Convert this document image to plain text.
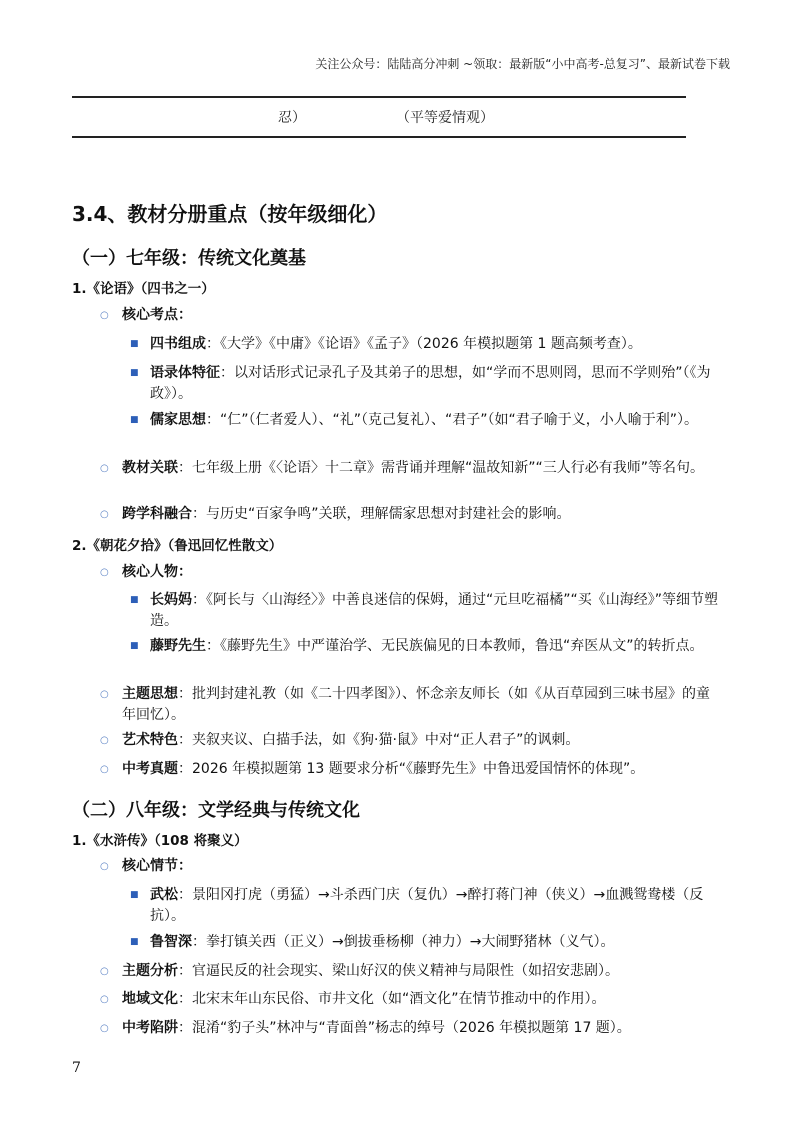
关注公众号：陆陆高分冲刺 ~领取：最新版“小中高考-总复习”、最新试卷下载
忍）	（平等爱情观）
3.4、教材分册重点（按年级细化）
（一）七年级：传统文化奠基
1.《论语》（四书之一）
○ 核心考点：
■ 四书组成：《大学》《中庸》《论语》《孟子》（2026 年模拟题第 1 题高频考查）。
■ 语录体特征：以对话形式记录孔子及其弟子的思想，如“学而不思则罔，思而不学则殆”（《为政》）。
■ 儒家思想：“仁”（仁者爱人）、“礼”（克己复礼）、“君子”（如“君子喻于义，小人喻于利”）。
○ 教材关联：七年级上册《〈论语〉十二章》需背诵并理解“温故知新”“三人行必有我师”等名句。
○ 跨学科融合：与历史“百家争鸣”关联，理解儒家思想对封建社会的影响。
2.《朝花夕拾》（鲁迅回忆性散文）
○ 核心人物：
■ 长妈妈：《阿长与〈山海经〉》中善良迷信的保姆，通过“元旦吃福橘”“买《山海经》”等细节塑造。
■ 藤野先生：《藤野先生》中严谨治学、无民族偏见的日本教师，鲁迅“弃医从文”的转折点。
○ 主题思想：批判封建礼教（如《二十四孝图》）、怀念亲友师长（如《从百草园到三味书屋》的童年回忆）。
○ 艺术特色：夹叙夹议、白描手法，如《狗·猫·鼠》中对“正人君子”的讽刺。
○ 中考真题：2026 年模拟题第 13 题要求分析“《藤野先生》中鲁迅爱国情怀的体现”。
（二）八年级：文学经典与传统文化
1.《水浒传》（108 将聚义）
○ 核心情节：
■ 武松：景阳冈打虎（勇猛）→斗杀西门庆（复仇）→醉打蒋门神（侠义）→血溅鸳鸯楼（反抗）。
■ 鲁智深：拳打镇关西（正义）→倒拔垂杨柳（神力）→大闹野猪林（义气）。
○ 主题分析：官逼民反的社会现实、梁山好汉的侠义精神与局限性（如招安悲剧）。
○ 地域文化：北宋末年山东民俗、市井文化（如“酒文化”在情节推动中的作用）。
○ 中考陷阱：混淆“豹子头”林冲与“青面兽”杨志的绰号（2026 年模拟题第 17 题）。
7
